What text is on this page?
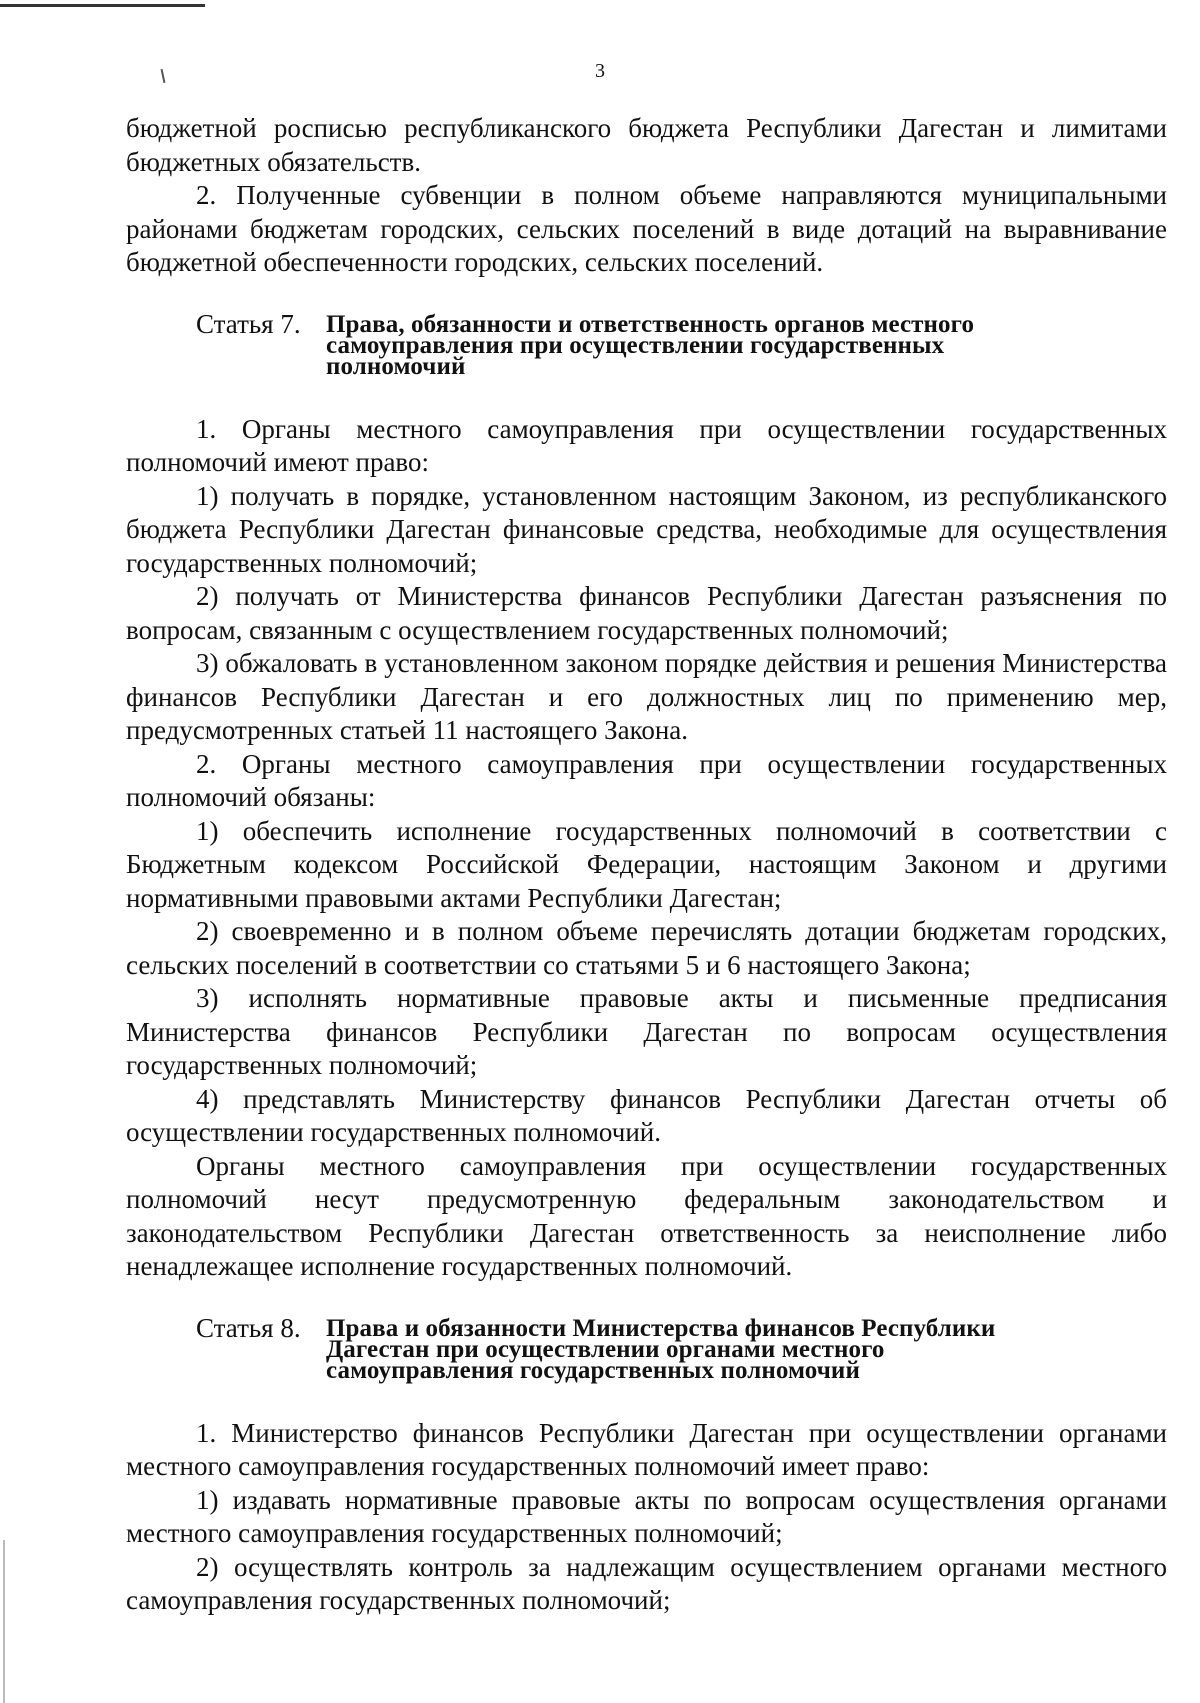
3

бюджетной росписью республиканского бюджета Республики Дагестан и лимитами бюджетных обязательств.

2. Полученные субвенции в полном объеме направляются муниципальными районами бюджетам городских, сельских поселений в виде дотаций на выравнивание бюджетной обеспеченности городских, сельских поселений.

Статья 7.	Права, обязанности и ответственность органов местного самоуправления при осуществлении государственных полномочий

1. Органы местного самоуправления при осуществлении государственных полномочий имеют право:

1) получать в порядке, установленном настоящим Законом, из республиканского бюджета Республики Дагестан финансовые средства, необходимые для осуществления государственных полномочий;

2) получать от Министерства финансов Республики Дагестан разъяснения по вопросам, связанным с осуществлением государственных полномочий;

3) обжаловать в установленном законом порядке действия и решения Министерства финансов Республики Дагестан и его должностных лиц по применению мер, предусмотренных статьей 11 настоящего Закона.

2. Органы местного самоуправления при осуществлении государственных полномочий обязаны:

1) обеспечить исполнение государственных полномочий в соответствии с Бюджетным кодексом Российской Федерации, настоящим Законом и другими нормативными правовыми актами Республики Дагестан;

2) своевременно и в полном объеме перечислять дотации бюджетам городских, сельских поселений в соответствии со статьями 5 и 6 настоящего Закона;

3) исполнять нормативные правовые акты и письменные предписания Министерства финансов Республики Дагестан по вопросам осуществления государственных полномочий;

4) представлять Министерству финансов Республики Дагестан отчеты об осуществлении государственных полномочий.

Органы местного самоуправления при осуществлении государственных полномочий несут предусмотренную федеральным законодательством и законодательством Республики Дагестан ответственность за неисполнение либо ненадлежащее исполнение государственных полномочий.

Статья 8.	Права и обязанности Министерства финансов Республики Дагестан при осуществлении органами местного самоуправления государственных полномочий

1. Министерство финансов Республики Дагестан при осуществлении органами местного самоуправления государственных полномочий имеет право:

1) издавать нормативные правовые акты по вопросам осуществления органами местного самоуправления государственных полномочий;

2) осуществлять контроль за надлежащим осуществлением органами местного самоуправления государственных полномочий;
